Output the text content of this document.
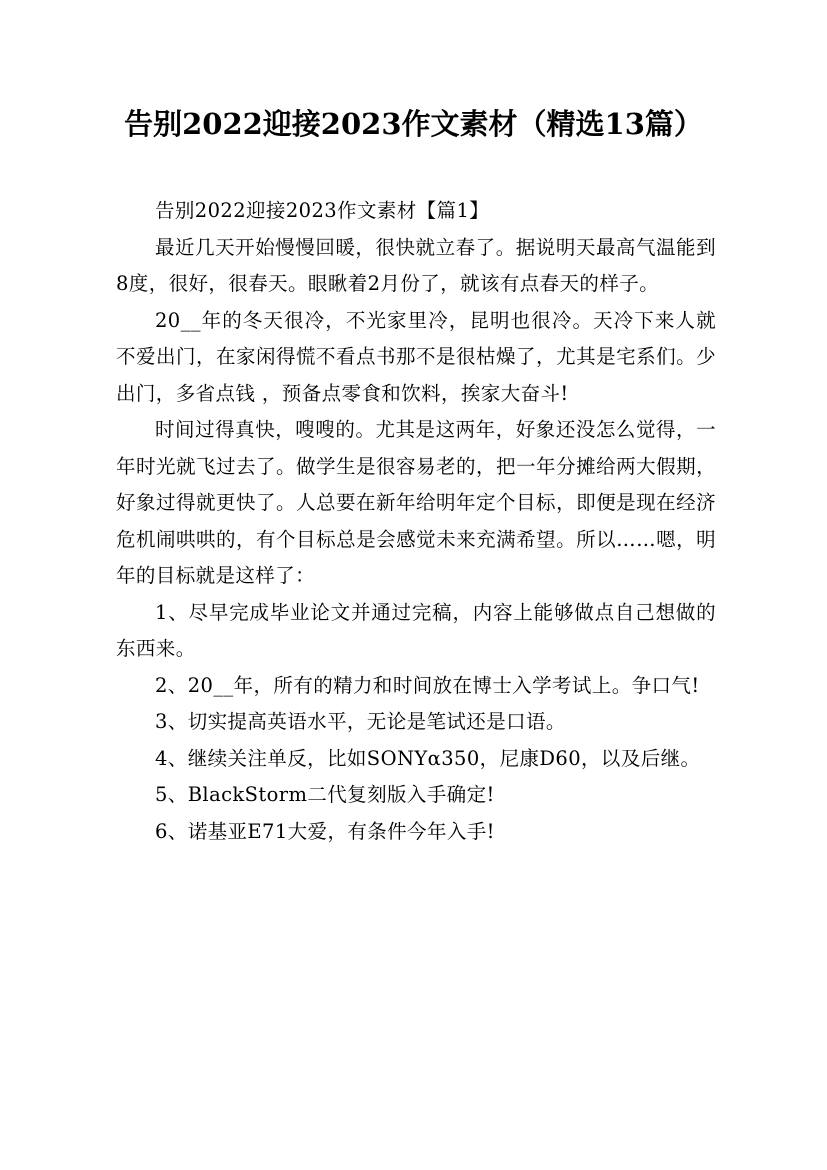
告别2022迎接2023作文素材（精选13篇）

告别2022迎接2023作文素材【篇1】

最近几天开始慢慢回暖，很快就立春了。据说明天最高气温能到8度，很好，很春天。眼瞅着2月份了，就该有点春天的样子。

20__年的冬天很冷，不光家里冷，昆明也很冷。天冷下来人就不爱出门，在家闲得慌不看点书那不是很枯燥了，尤其是宅系们。少出门，多省点钱 ，预备点零食和饮料，挨家大奋斗!

时间过得真快，嗖嗖的。尤其是这两年，好象还没怎么觉得，一年时光就飞过去了。做学生是很容易老的，把一年分摊给两大假期，好象过得就更快了。人总要在新年给明年定个目标，即便是现在经济危机闹哄哄的，有个目标总是会感觉未来充满希望。所以……嗯，明年的目标就是这样了：

1、尽早完成毕业论文并通过完稿，内容上能够做点自己想做的东西来。

2、20__年，所有的精力和时间放在博士入学考试上。争口气!

3、切实提高英语水平，无论是笔试还是口语。

4、继续关注单反，比如SONYα350，尼康D60，以及后继。

5、BlackStorm二代复刻版入手确定!

6、诺基亚E71大爱，有条件今年入手!
